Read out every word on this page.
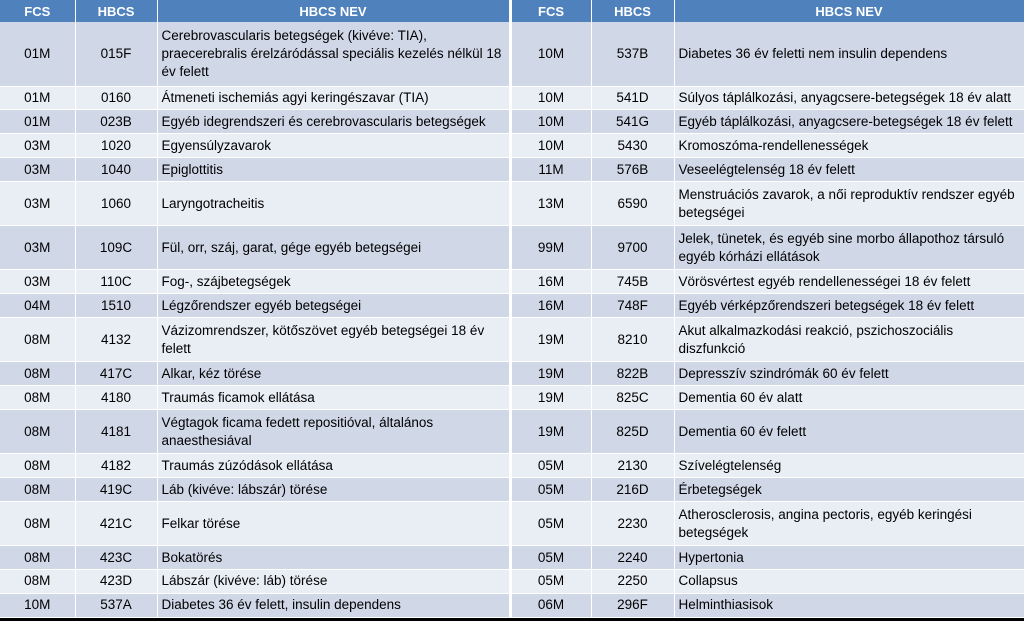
FCS	HBCS	HBCS NEV	FCS	HBCS	HBCS NEV
01M	015F	Cerebrovascularis betegségek (kivéve: TIA), praecerebralis érelzáródással speciális kezelés nélkül 18 év felett	10M	537B	Diabetes 36 év feletti nem insulin dependens
01M	0160	Átmeneti ischemiás agyi keringészavar (TIA)	10M	541D	Súlyos táplálkozási, anyagcsere-betegségek 18 év alatt
01M	023B	Egyéb idegrendszeri és cerebrovascularis betegségek	10M	541G	Egyéb táplálkozási, anyagcsere-betegségek 18 év felett
03M	1020	Egyensúlyzavarok	10M	5430	Kromoszóma-rendellenességek
03M	1040	Epiglottitis	11M	576B	Veseelégtelenség 18 év felett
03M	1060	Laryngotracheitis	13M	6590	Menstruációs zavarok, a női reproduktív rendszer egyéb betegségei
03M	109C	Fül, orr, száj, garat, gége egyéb betegségei	99M	9700	Jelek, tünetek, és egyéb sine morbo állapothoz társuló egyéb kórházi ellátások
03M	110C	Fog-, szájbetegségek	16M	745B	Vörösvértest egyéb rendellenességei 18 év felett
04M	1510	Légzőrendszer egyéb betegségei	16M	748F	Egyéb vérképzőrendszeri betegségek 18 év felett
08M	4132	Vázizomrendszer, kötőszövet egyéb betegségei 18 év felett	19M	8210	Akut alkalmazkodási reakció, pszichoszociális diszfunkció
08M	417C	Alkar, kéz törése	19M	822B	Depresszív szindrómák 60 év felett
08M	4180	Traumás ficamok ellátása	19M	825C	Dementia 60 év alatt
08M	4181	Végtagok ficama fedett repositióval, általános anaesthesiával	19M	825D	Dementia 60 év felett
08M	4182	Traumás zúzódások ellátása	05M	2130	Szívelégtelenség
08M	419C	Láb (kivéve: lábszár) törése	05M	216D	Érbetegségek
08M	421C	Felkar törése	05M	2230	Atherosclerosis, angina pectoris, egyéb keringési betegségek
08M	423C	Bokatörés	05M	2240	Hypertonia
08M	423D	Lábszár (kivéve: láb) törése	05M	2250	Collapsus
10M	537A	Diabetes 36 év felett, insulin dependens	06M	296F	Helminthiasisok
